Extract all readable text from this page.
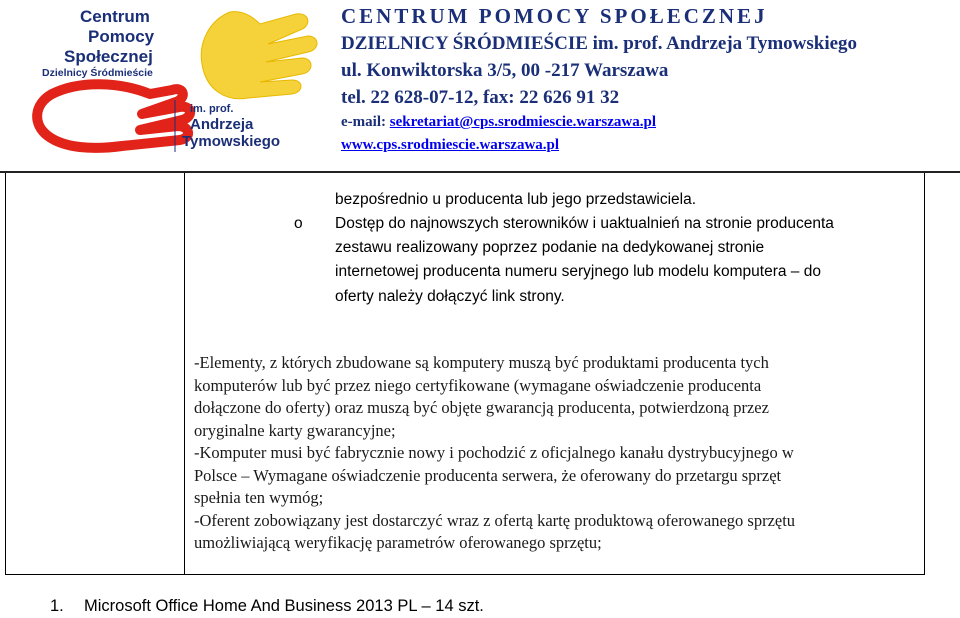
Centrum
Pomocy
Społecznej
Dzielnicy Śródmieście
im. prof.
Andrzeja
Tymowskiego
CENTRUM POMOCY SPOŁECZNEJ
DZIELNICY ŚRÓDMIEŚCIE im. prof. Andrzeja Tymowskiego
ul. Konwiktorska 3/5, 00 -217 Warszawa
tel. 22 628-07-12, fax: 22 626 91 32
e-mail: sekretariat@cps.srodmiescie.warszawa.pl
www.cps.srodmiescie.warszawa.pl
bezpośrednio u producenta lub jego przedstawiciela.
o Dostęp do najnowszych sterowników i uaktualnień na stronie producenta
zestawu realizowany poprzez podanie na dedykowanej stronie
internetowej producenta numeru seryjnego lub modelu komputera – do
oferty należy dołączyć link strony.
-Elementy, z których zbudowane są komputery muszą być produktami producenta tych
komputerów lub być przez niego certyfikowane (wymagane oświadczenie producenta
dołączone do oferty) oraz muszą być objęte gwarancją producenta, potwierdzoną przez
oryginalne karty gwarancyjne;
-Komputer musi być fabrycznie nowy i pochodzić z oficjalnego kanału dystrybucyjnego w
Polsce – Wymagane oświadczenie producenta serwera, że oferowany do przetargu sprzęt
spełnia ten wymóg;
-Oferent zobowiązany jest dostarczyć wraz z ofertą kartę produktową oferowanego sprzętu
umożliwiającą weryfikację parametrów oferowanego sprzętu;
1. Microsoft Office Home And Business 2013 PL – 14 szt.
